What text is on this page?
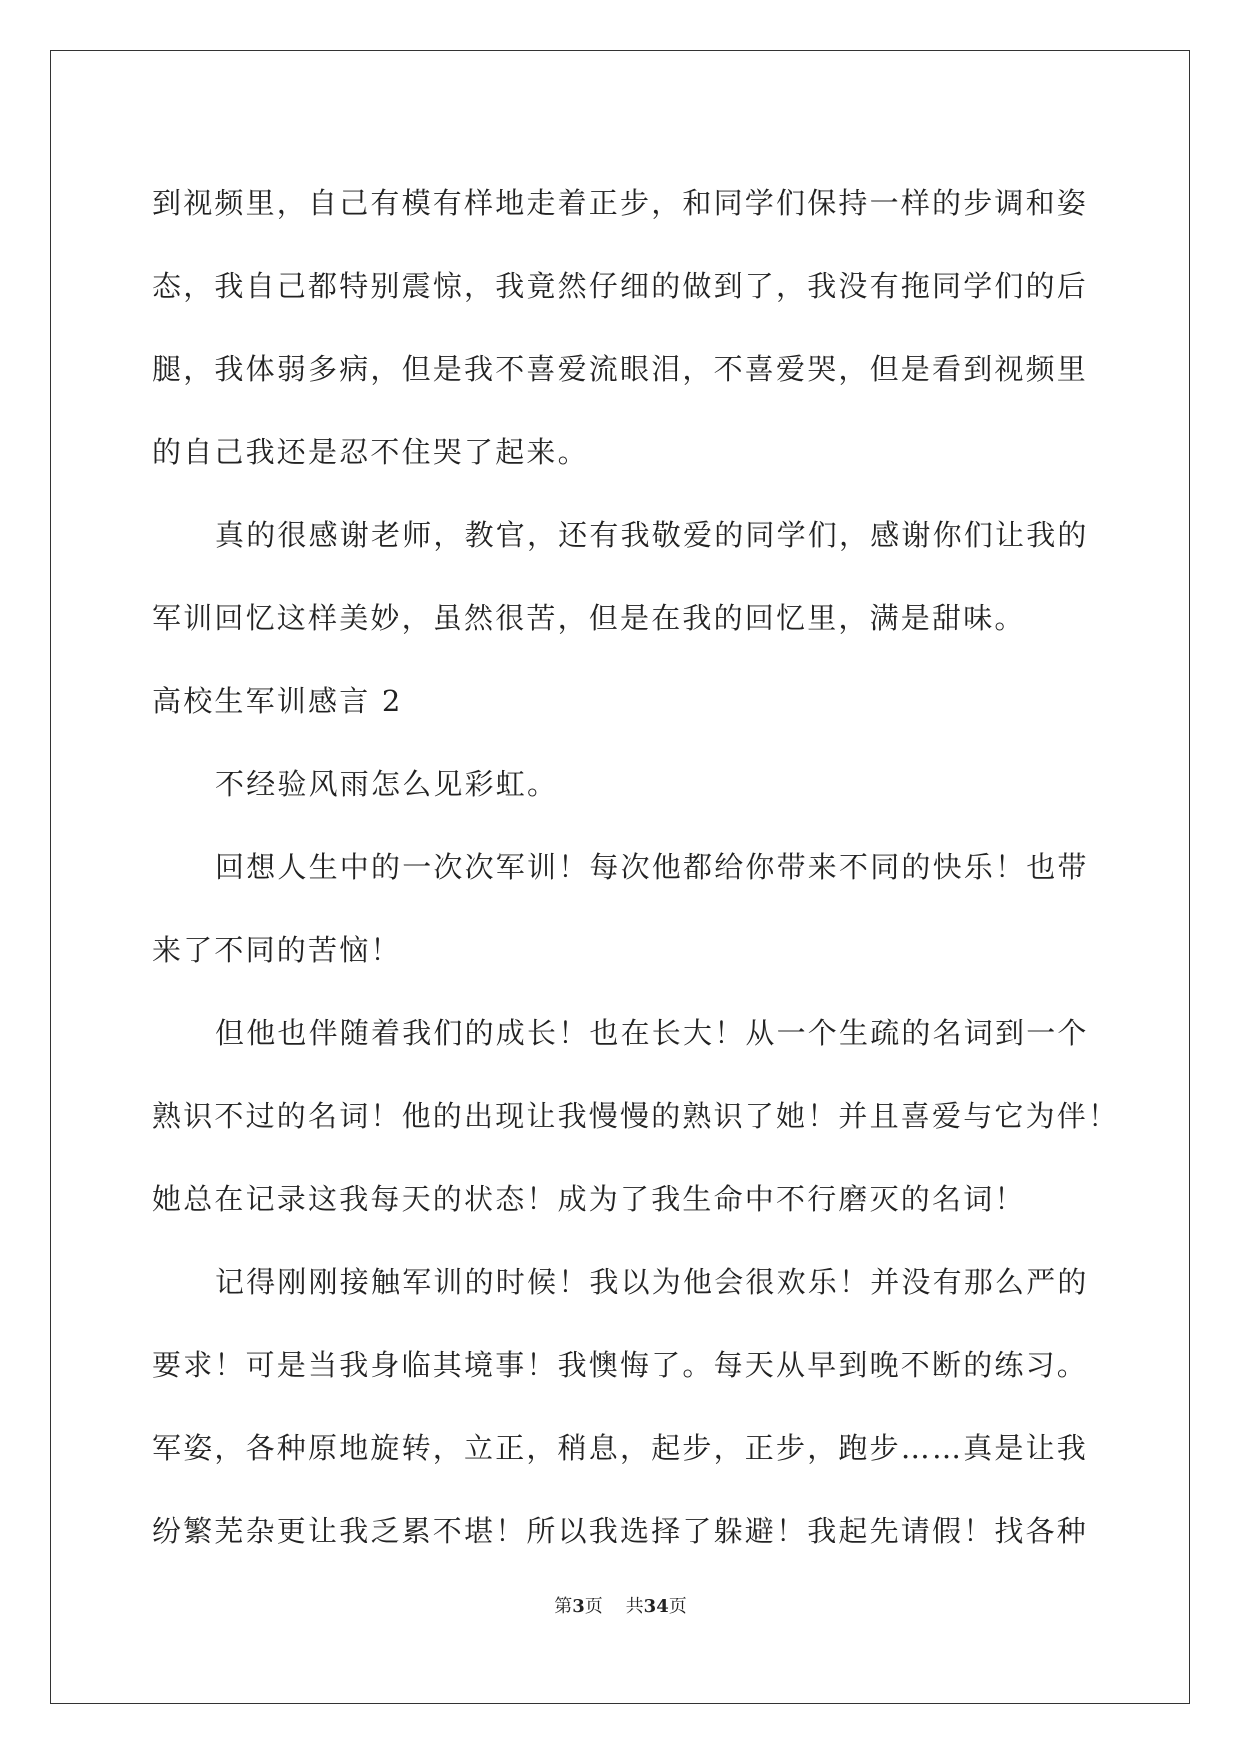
到视频里，自己有模有样地走着正步，和同学们保持一样的步调和姿
态，我自己都特别震惊，我竟然仔细的做到了，我没有拖同学们的后
腿，我体弱多病，但是我不喜爱流眼泪，不喜爱哭，但是看到视频里
的自己我还是忍不住哭了起来。
真的很感谢老师，教官，还有我敬爱的同学们，感谢你们让我的
军训回忆这样美妙，虽然很苦，但是在我的回忆里，满是甜味。
高校生军训感言 2
不经验风雨怎么见彩虹。
回想人生中的一次次军训！每次他都给你带来不同的快乐！也带
来了不同的苦恼！
但他也伴随着我们的成长！也在长大！从一个生疏的名词到一个
熟识不过的名词！他的出现让我慢慢的熟识了她！并且喜爱与它为伴！
她总在记录这我每天的状态！成为了我生命中不行磨灭的名词！
记得刚刚接触军训的时候！我以为他会很欢乐！并没有那么严的
要求！可是当我身临其境事！我懊悔了。每天从早到晚不断的练习。
军姿，各种原地旋转，立正，稍息，起步，正步，跑步……真是让我
纷繁芜杂更让我乏累不堪！所以我选择了躲避！我起先请假！找各种
第3页 共34页
